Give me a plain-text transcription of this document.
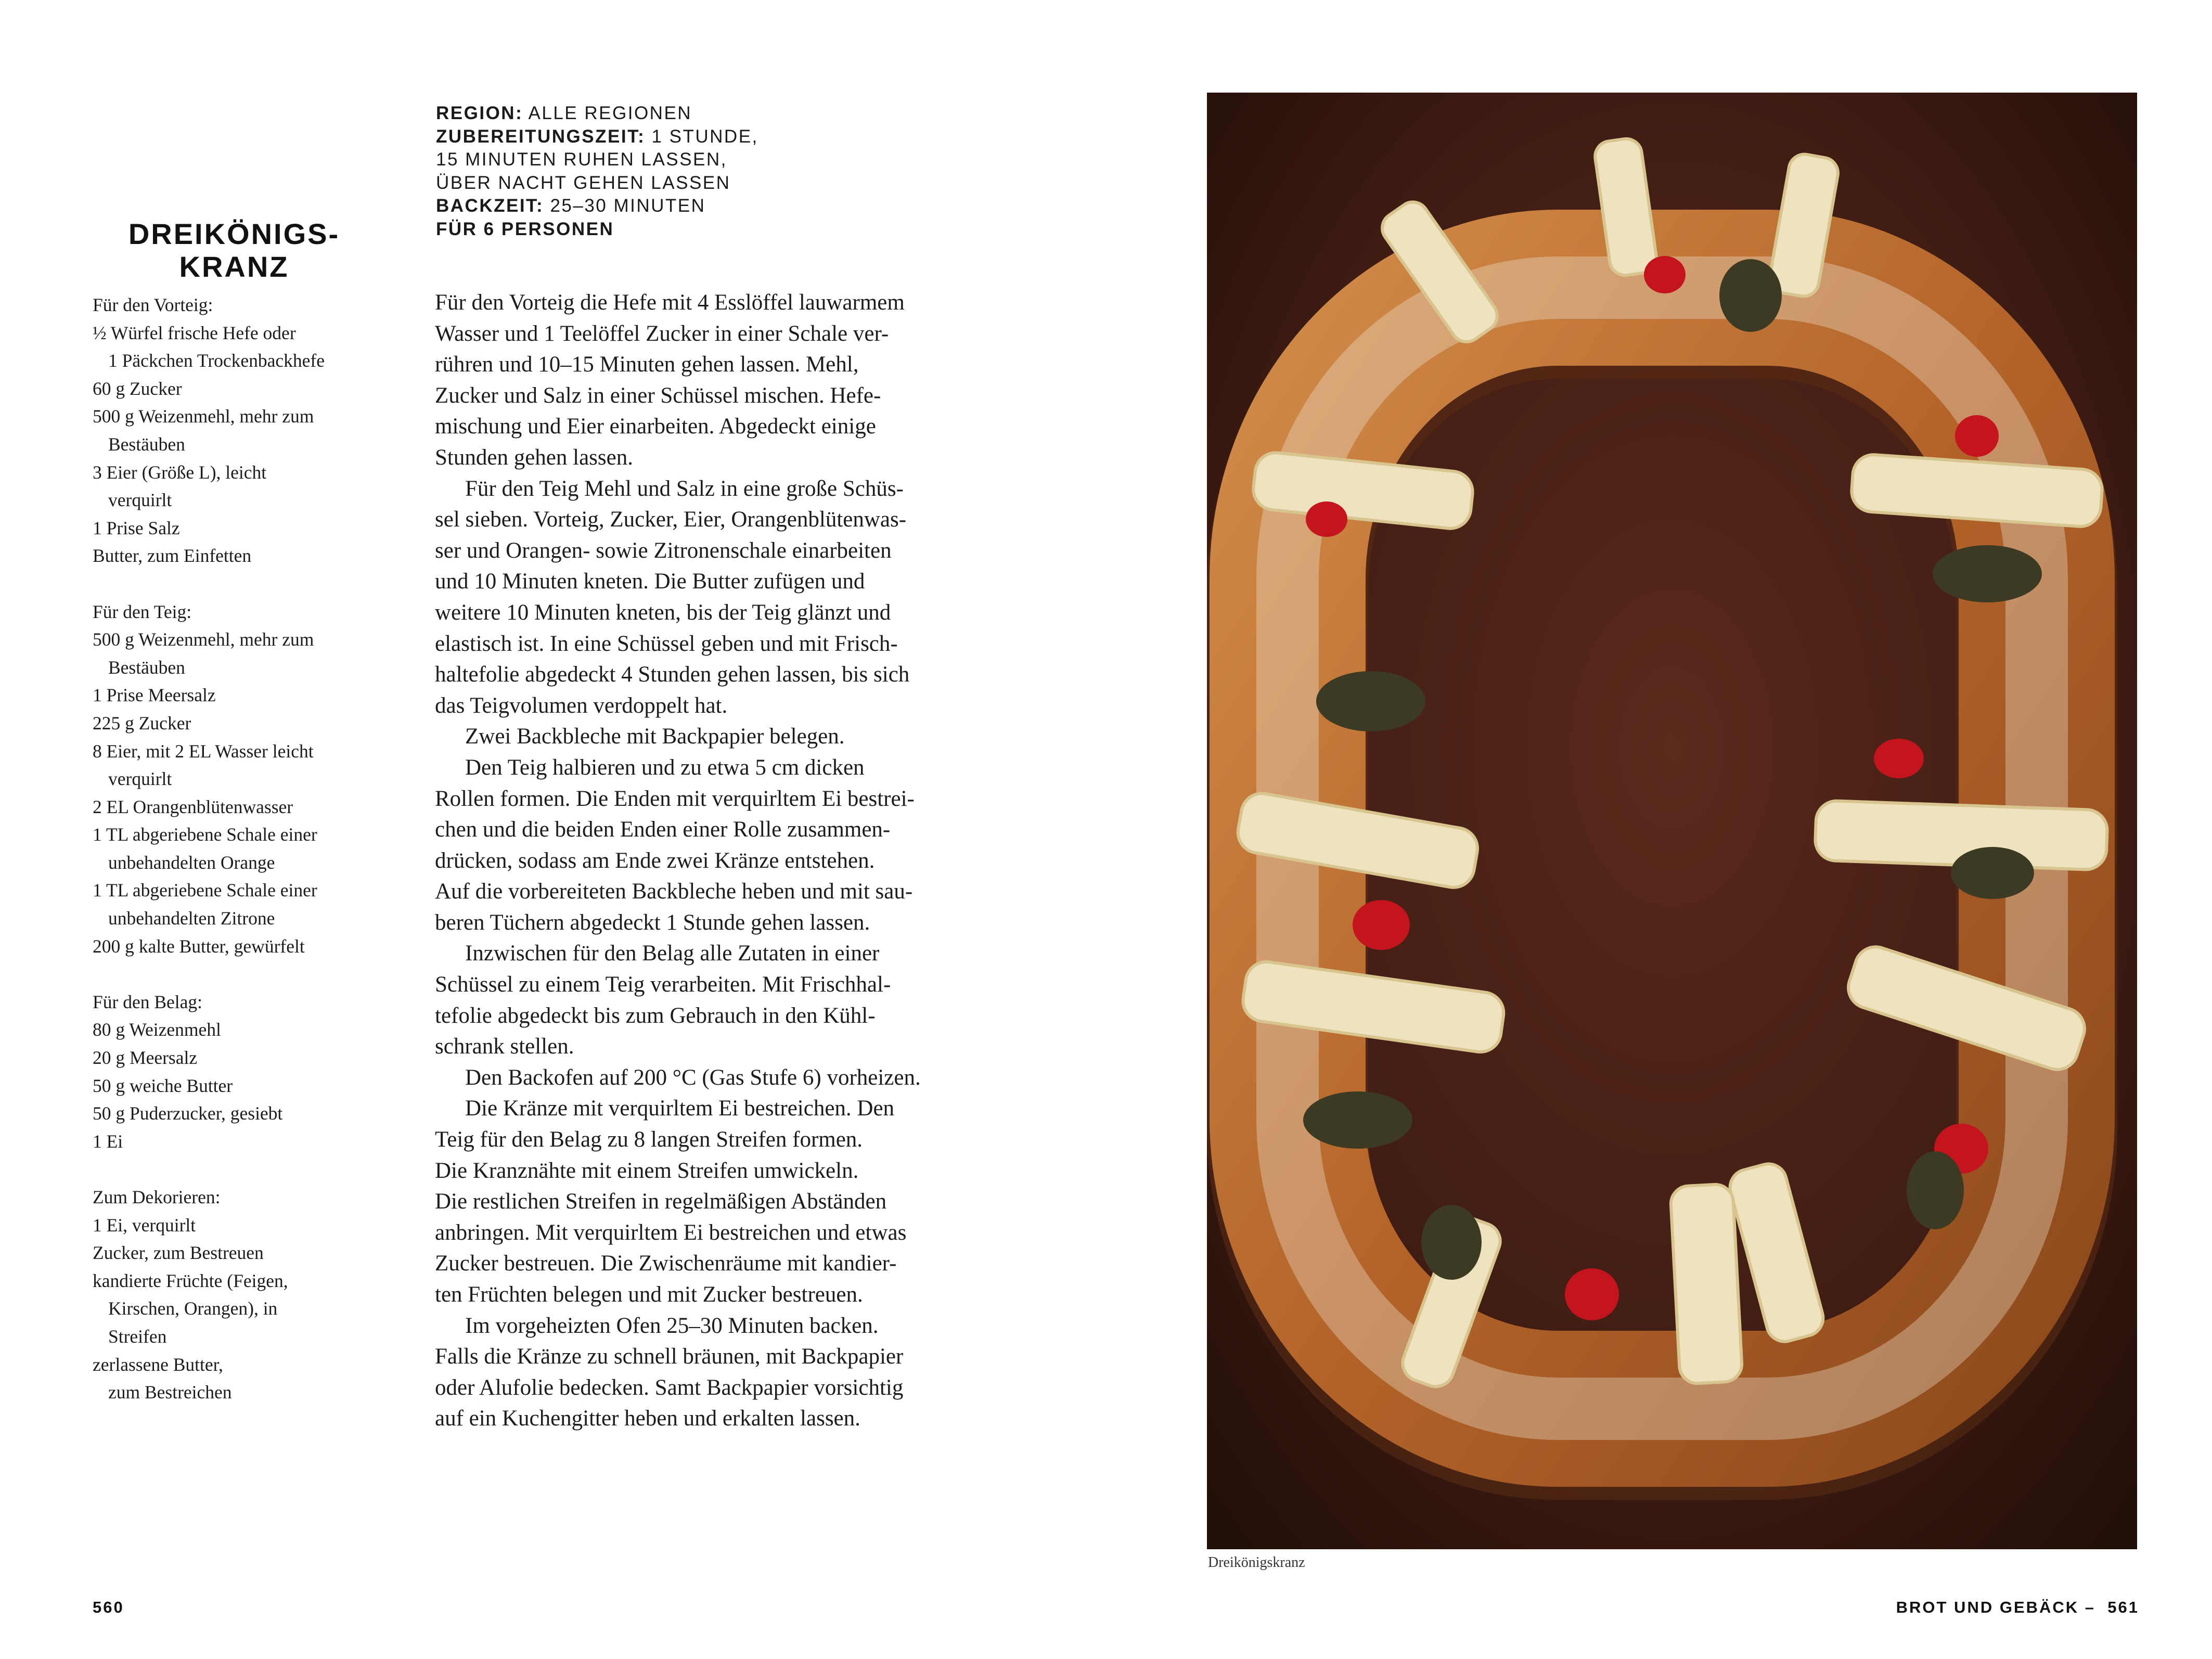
REGION: ALLE REGIONEN
ZUBEREITUNGSZEIT: 1 STUNDE,
15 MINUTEN RUHEN LASSEN,
ÜBER NACHT GEHEN LASSEN
BACKZEIT: 25–30 MINUTEN
FÜR 6 PERSONEN
DREIKÖNIGS-
KRANZ
Für den Vorteig:
½ Würfel frische Hefe oder
1 Päckchen Trockenbackhefe
60 g Zucker
500 g Weizenmehl, mehr zum
Bestäuben
3 Eier (Größe L), leicht
verquirlt
1 Prise Salz
Butter, zum Einfetten
Für den Teig:
500 g Weizenmehl, mehr zum
Bestäuben
1 Prise Meersalz
225 g Zucker
8 Eier, mit 2 EL Wasser leicht
verquirlt
2 EL Orangenblütenwasser
1 TL abgeriebene Schale einer
unbehandelten Orange
1 TL abgeriebene Schale einer
unbehandelten Zitrone
200 g kalte Butter, gewürfelt
Für den Belag:
80 g Weizenmehl
20 g Meersalz
50 g weiche Butter
50 g Puderzucker, gesiebt
1 Ei
Zum Dekorieren:
1 Ei, verquirlt
Zucker, zum Bestreuen
kandierte Früchte (Feigen,
Kirschen, Orangen), in
Streifen
zerlassene Butter,
zum Bestreichen
Für den Vorteig die Hefe mit 4 Esslöffel lauwarmem
Wasser und 1 Teelöffel Zucker in einer Schale ver-
rühren und 10–15 Minuten gehen lassen. Mehl,
Zucker und Salz in einer Schüssel mischen. Hefe-
mischung und Eier einarbeiten. Abgedeckt einige
Stunden gehen lassen.
Für den Teig Mehl und Salz in eine große Schüs-
sel sieben. Vorteig, Zucker, Eier, Orangenblütenwas-
ser und Orangen- sowie Zitronenschale einarbeiten
und 10 Minuten kneten. Die Butter zufügen und
weitere 10 Minuten kneten, bis der Teig glänzt und
elastisch ist. In eine Schüssel geben und mit Frisch-
haltefolie abgedeckt 4 Stunden gehen lassen, bis sich
das Teigvolumen verdoppelt hat.
Zwei Backbleche mit Backpapier belegen.
Den Teig halbieren und zu etwa 5 cm dicken
Rollen formen. Die Enden mit verquirltem Ei bestrei-
chen und die beiden Enden einer Rolle zusammen-
drücken, sodass am Ende zwei Kränze entstehen.
Auf die vorbereiteten Backbleche heben und mit sau-
beren Tüchern abgedeckt 1 Stunde gehen lassen.
Inzwischen für den Belag alle Zutaten in einer
Schüssel zu einem Teig verarbeiten. Mit Frischhal-
tefolie abgedeckt bis zum Gebrauch in den Kühl-
schrank stellen.
Den Backofen auf 200 °C (Gas Stufe 6) vorheizen.
Die Kränze mit verquirltem Ei bestreichen. Den
Teig für den Belag zu 8 langen Streifen formen.
Die Kranznähte mit einem Streifen umwickeln.
Die restlichen Streifen in regelmäßigen Abständen
anbringen. Mit verquirltem Ei bestreichen und etwas
Zucker bestreuen. Die Zwischenräume mit kandier-
ten Früchten belegen und mit Zucker bestreuen.
Im vorgeheizten Ofen 25–30 Minuten backen.
Falls die Kränze zu schnell bräunen, mit Backpapier
oder Alufolie bedecken. Samt Backpapier vorsichtig
auf ein Kuchengitter heben und erkalten lassen.
Dreikönigskranz
560	BROT UND GEBÄCK – 561
